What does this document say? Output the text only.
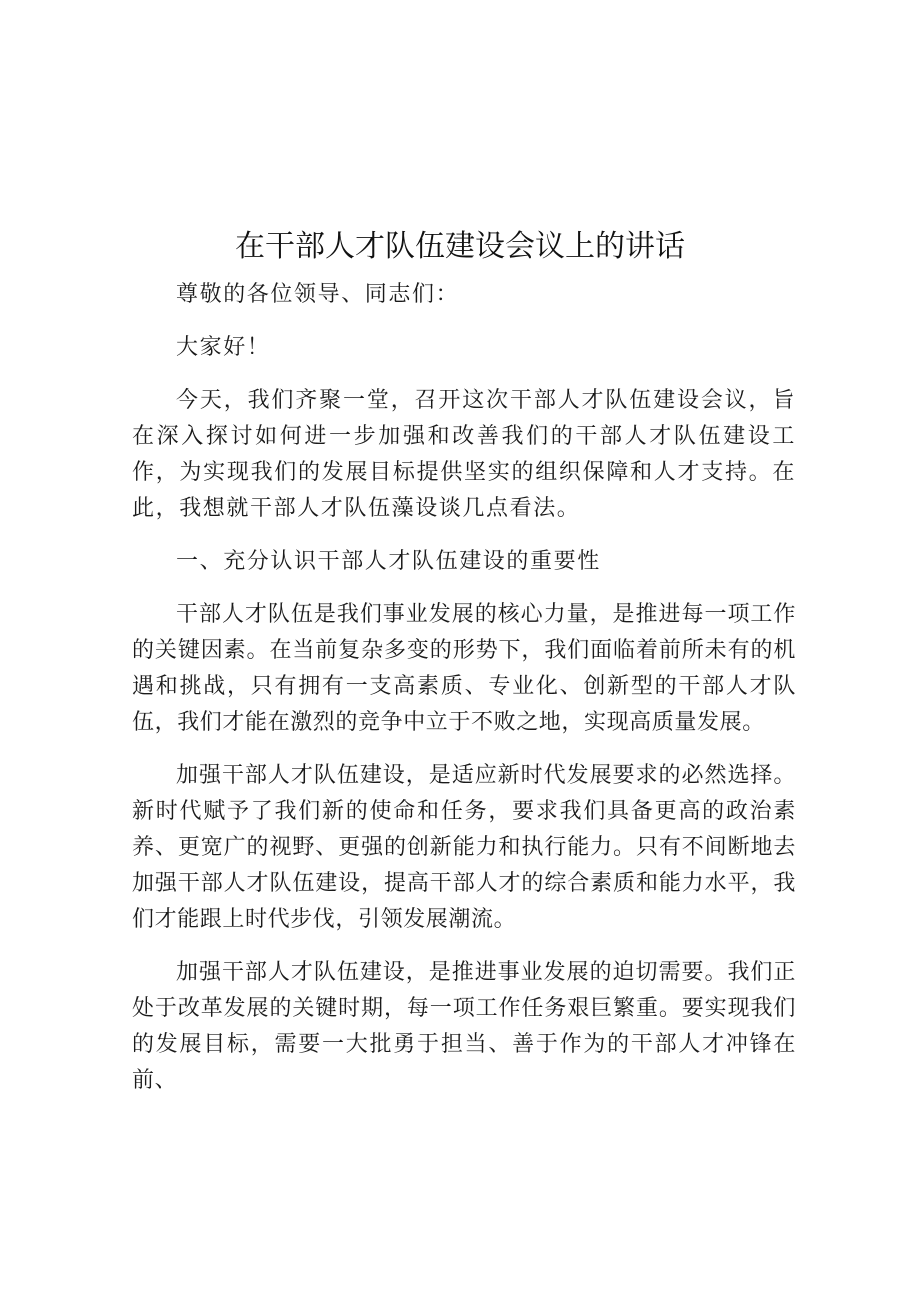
在干部人才队伍建设会议上的讲话

尊敬的各位领导、同志们：

大家好！

今天，我们齐聚一堂，召开这次干部人才队伍建设会议，旨在深入探讨如何进一步加强和改善我们的干部人才队伍建设工作，为实现我们的发展目标提供坚实的组织保障和人才支持。在此，我想就干部人才队伍藻设谈几点看法。

一、充分认识干部人才队伍建设的重要性

干部人才队伍是我们事业发展的核心力量，是推进每一项工作的关键因素。在当前复杂多变的形势下，我们面临着前所未有的机遇和挑战，只有拥有一支高素质、专业化、创新型的干部人才队伍，我们才能在激烈的竞争中立于不败之地，实现高质量发展。

加强干部人才队伍建设，是适应新时代发展要求的必然选择。新时代赋予了我们新的使命和任务，要求我们具备更高的政治素养、更宽广的视野、更强的创新能力和执行能力。只有不间断地去加强干部人才队伍建设，提高干部人才的综合素质和能力水平，我们才能跟上时代步伐，引领发展潮流。

加强干部人才队伍建设，是推进事业发展的迫切需要。我们正处于改革发展的关键时期，每一项工作任务艰巨繁重。要实现我们的发展目标，需要一大批勇于担当、善于作为的干部人才冲锋在前、
